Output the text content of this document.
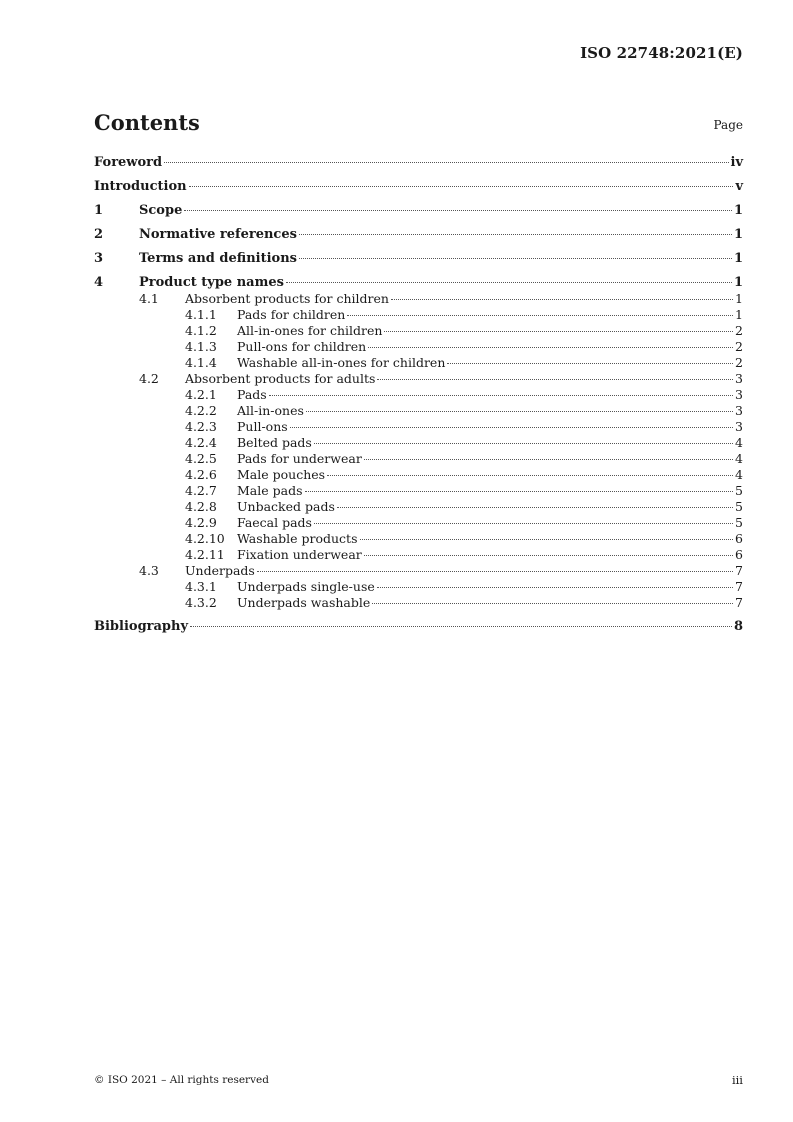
ISO 22748:2021(E)
Contents	Page
Foreword	iv
Introduction	v
1	Scope	1
2	Normative references	1
3	Terms and definitions	1
4	Product type names	1
4.1 Absorbent products for children	1
4.1.1 Pads for children	1
4.1.2 All-in-ones for children	2
4.1.3 Pull-ons for children	2
4.1.4 Washable all-in-ones for children	2
4.2 Absorbent products for adults	3
4.2.1 Pads	3
4.2.2 All-in-ones	3
4.2.3 Pull-ons	3
4.2.4 Belted pads	4
4.2.5 Pads for underwear	4
4.2.6 Male pouches	4
4.2.7 Male pads	5
4.2.8 Unbacked pads	5
4.2.9 Faecal pads	5
4.2.10 Washable products	6
4.2.11 Fixation underwear	6
4.3 Underpads	7
4.3.1 Underpads single-use	7
4.3.2 Underpads washable	7
Bibliography	8
© ISO 2021 – All rights reserved	iii
